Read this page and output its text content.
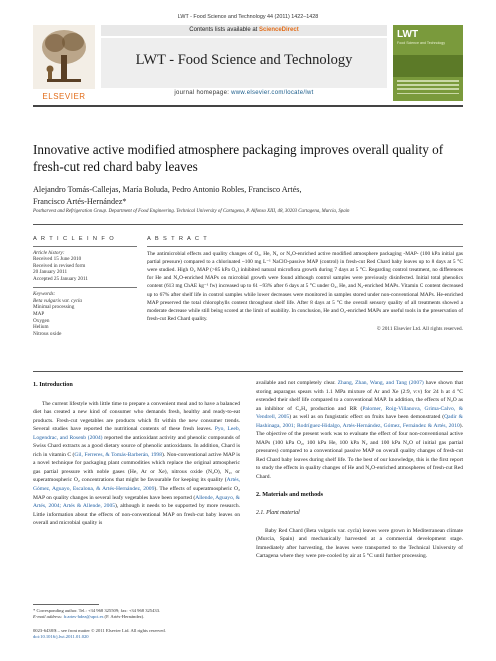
LWT - Food Science and Technology 44 (2011) 1422–1428
ELSEVIER
Contents lists available at ScienceDirect
LWT - Food Science and Technology
journal homepage: www.elsevier.com/locate/lwt
LWT
Food Science and Technology
Innovative active modified atmosphere packaging improves overall quality of fresh-cut red chard baby leaves
Alejandro Tomás-Callejas, María Boluda, Pedro Antonio Robles, Francisco Artés,
Francisco Artés-Hernández*
Postharvest and Refrigeration Group. Department of Food Engineering. Technical University of Cartagena, P. Alfonso XIII, 48, 30203 Cartagena, Murcia, Spain
A R T I C L E I N F O
Article history:
Received 15 June 2010
Received in revised form
20 January 2011
Accepted 25 January 2011
Keywords:
Beta vulgaris var. cycla
Minimal processing
MAP
Oxygen
Helium
Nitrous oxide
A B S T R A C T
The antimicrobial effects and quality changes of O₂, He, N₂ or N₂O-enriched active modified atmosphere packaging -MAP- (100 kPa initial gas partial pressure) compared to a chlorinated ~100 mg L⁻¹ NaClO-passive MAP (control) in fresh-cut Red Chard baby leaves up to 8 days at 5 °C were studied. High O₂ MAP (>85 kPa O₂) inhibited natural microflora growth during 7 days at 5 °C. Regarding control treatment, no differences for He and N₂O-enriched MAPs on microbial growth were found although control samples were previously disinfected. Initial total phenolics content (613 mg ChAE kg⁻¹ fw) increased up to 61 ~93% after 6 days at 5 °C under O₂, He, and N₂-enriched MAPs. Vitamin C content decreased up to 67% after shelf life in control samples while lower decreases were monitored in samples stored under non-conventional MAPs. He-enriched MAP preserved the total chlorophylls content throughout shelf life. After 8 days at 5 °C the overall sensory quality of all treatments showed a moderate decrease while still being scored at the limit of usability. In conclusion, He and O₂-enriched MAPs are useful tools in the preservation of fresh-cut Red Chard quality.
© 2011 Elsevier Ltd. All rights reserved.
1. Introduction
The current lifestyle with little time to prepare a convenient meal and to have a balanced diet has created a new kind of consumer who demands fresh, healthy and ready-to-eat products. Fresh-cut vegetables are products which fit within the new consumer trends. Several studies have reported the nutritional contents of these fresh leaves. Pyo, Leeb, Logendrac, and Rosenb (2004) reported the antioxidant activity and phenolic compounds of Swiss Chard extracts as a good dietary source of phenolic antioxidants. In addition, Chard is rich in vitamin C (Gil, Ferreres, & Tomás-Barberán, 1998). Non-conventional active MAP is a novel technique for packaging plant commodities which replace the original atmospheric gas partial pressure with noble gases (He, Ar or Xe), nitrous oxide (N₂O), N₂, or superatmospheric O₂ concentrations that might be favourable for keeping its quality (Artés, Gómez, Aguayo, Escalona, & Artés-Hernández, 2009). The effects of superatmospheric O₂ MAP on quality changes in several leafy vegetables have been reported (Allende, Aguayo, & Artés, 2004; Artés & Allende, 2005), although it needs to be supported by more research. Little information about the effects of non-conventional MAP on fresh-cut baby leaves on overall and microbial quality is
available and not completely clear. Zhang, Zhan, Wang, and Tang (2007) have shown that storing asparagus spears with 1.1 MPa mixture of Ar and Xe (2:9, v:v) for 24 h at 4 °C extended their shelf life compared to a conventional MAP. In addition, the effects of N₂O as an inhibitor of C₂H₄ production and RR (Palomer, Roig-Villanova, Grima-Calvo, & Vendrell, 2005) as well as on fungistatic effect on fruits have been demonstrated (Qadir & Hashinaga, 2001; Rodríguez-Hidalgo, Artés-Hernández, Gómez, Fernández & Artés, 2010). The objective of the present work was to evaluate the effect of four non-conventional active MAPs (100 kPa O₂, 100 kPa He, 100 kPa N₂ and 100 kPa N₂O of initial gas partial pressures) compared to a conventional passive MAP on overall quality changes of fresh-cut Red Chard baby leaves during shelf life. To the best of our knowledge, this is the first report to study the effects in quality changes of He and N₂O-enriched atmospheres of fresh-cut Red Chard.
2. Materials and methods
2.1. Plant material
Baby Red Chard (Beta vulgaris var. cycla) leaves were grown in Mediterranean climate (Murcia, Spain) and mechanically harvested at a commercial development stage. Immediately after harvesting, the leaves were transported to the Technical University of Cartagena where they were pre-cooled by air at 5 °C until further processing.
* Corresponding author. Tel.: +34 968 325509; fax: +34 968 325433.
E-mail address: fr.artes-hdez@upct.es (F. Artés-Hernández).
0023-6438/$ – see front matter © 2011 Elsevier Ltd. All rights reserved.
doi:10.1016/j.lwt.2011.01.020
